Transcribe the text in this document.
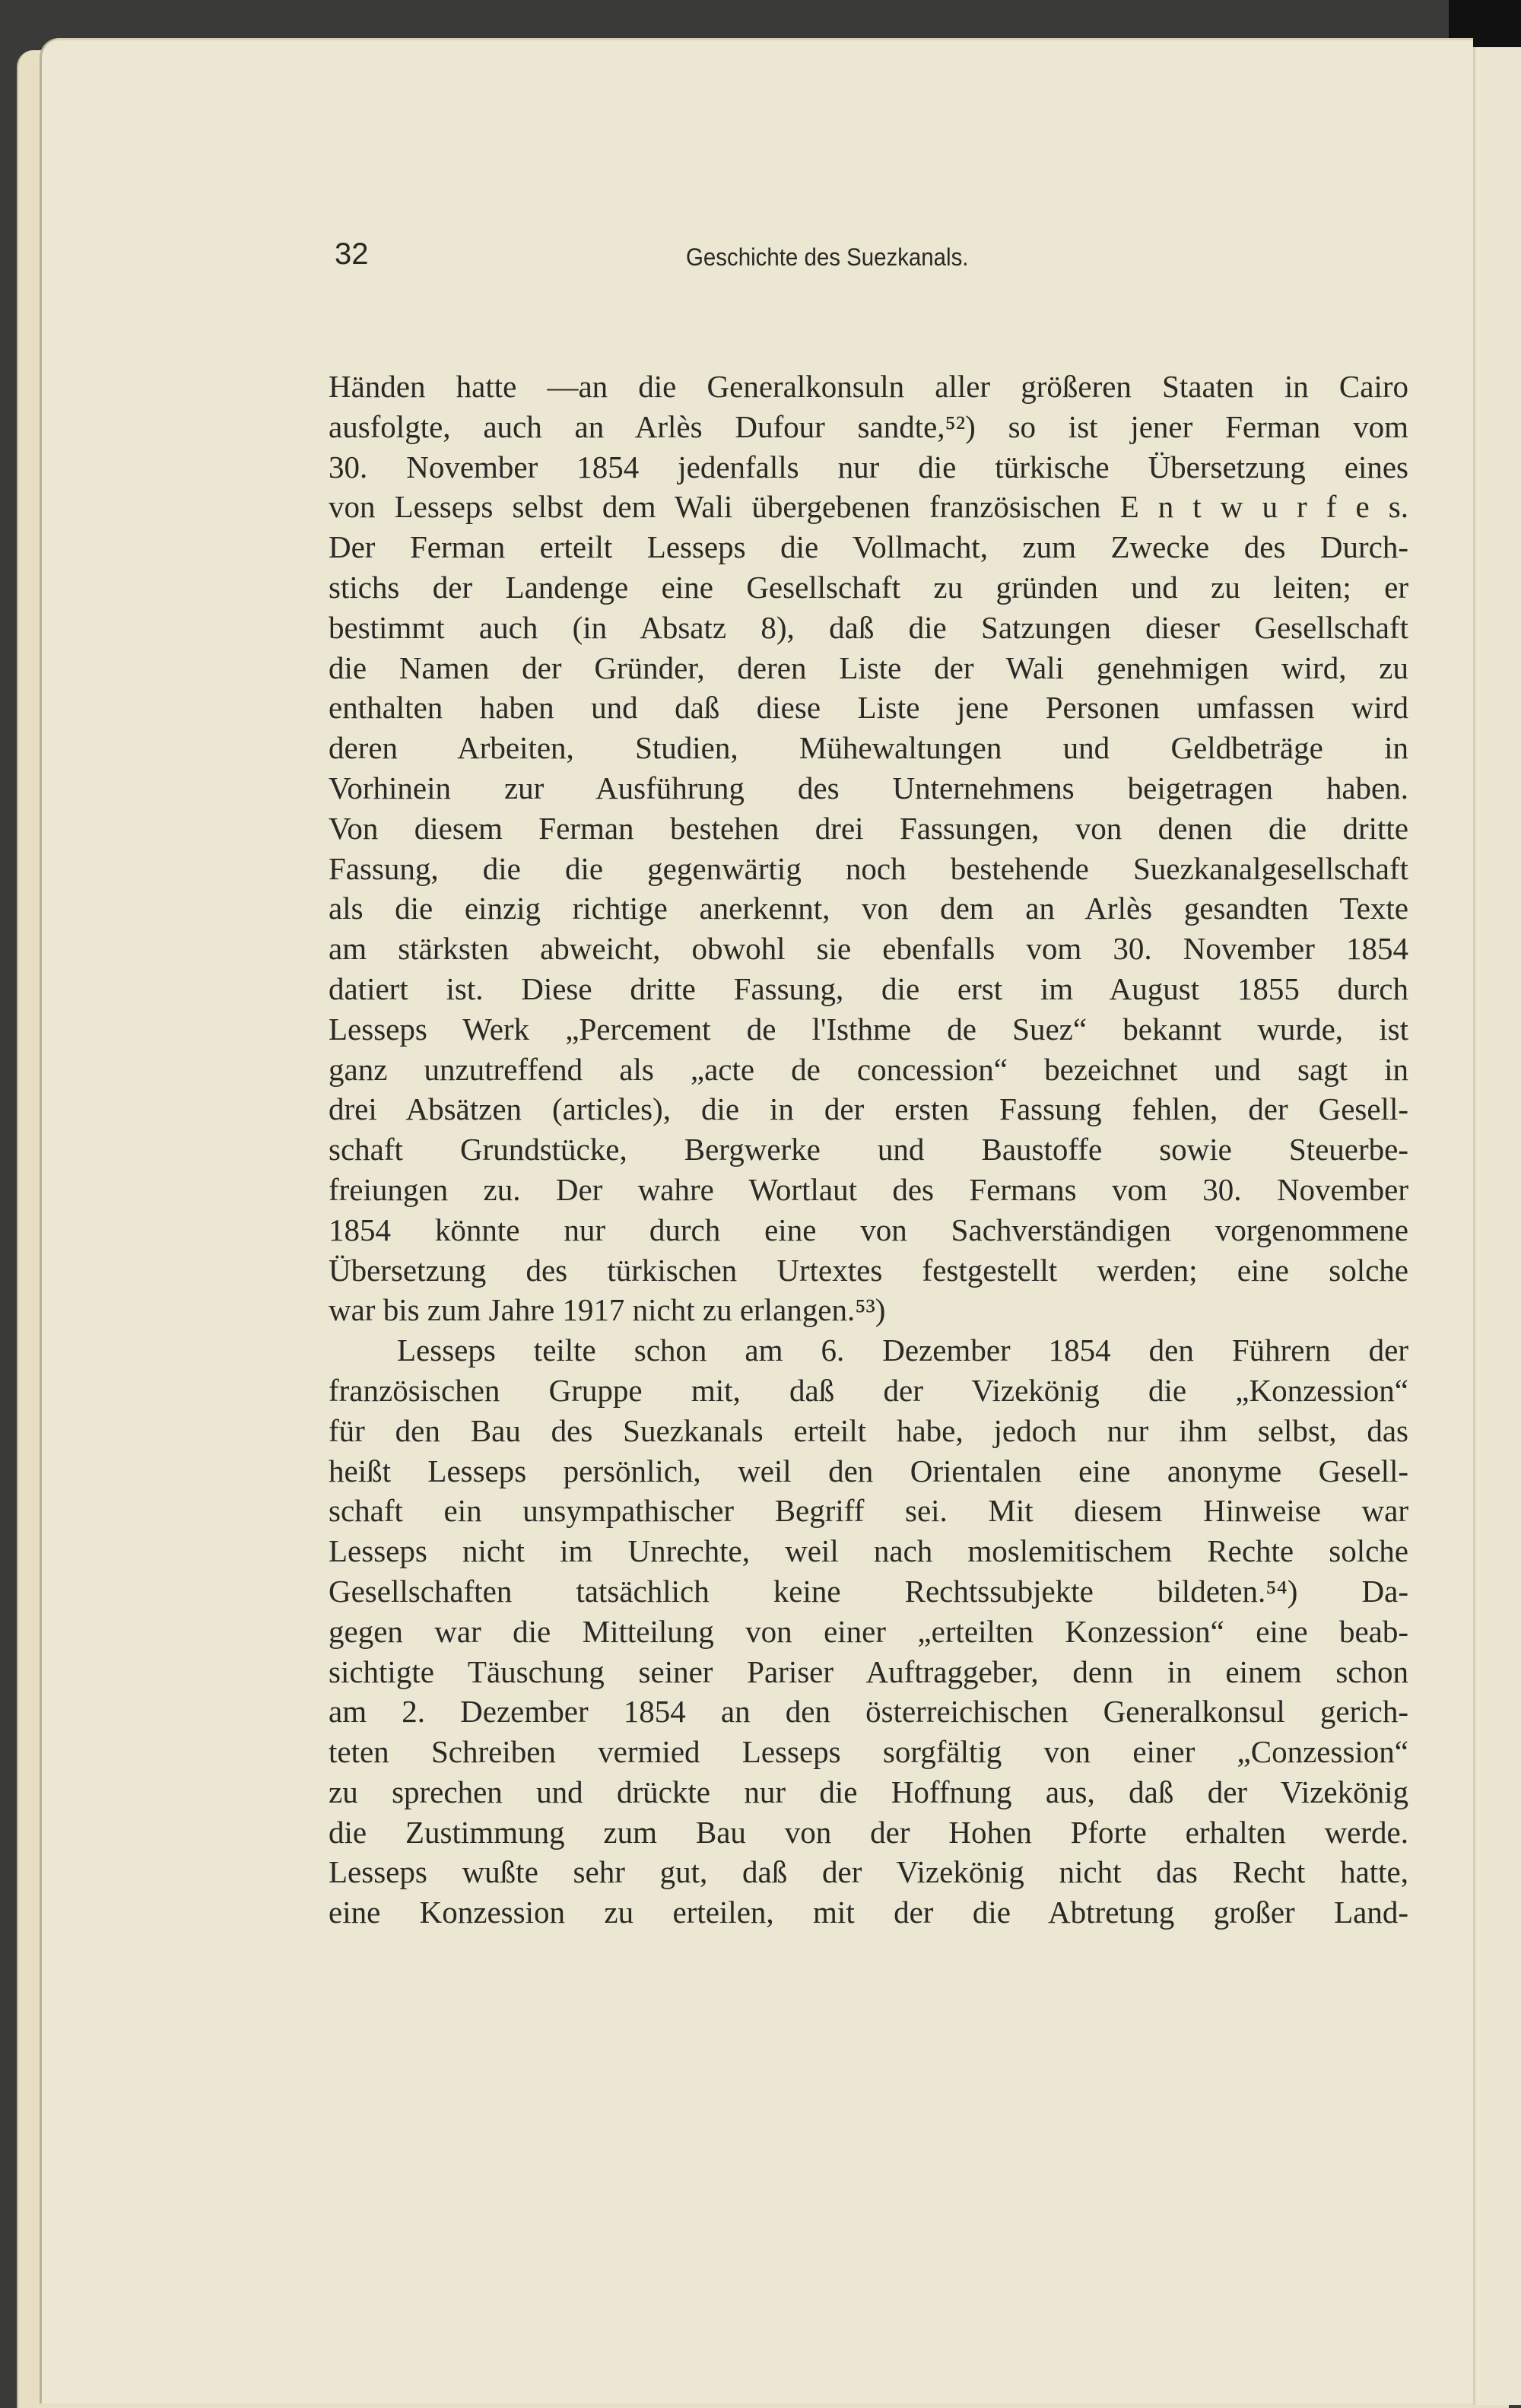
32	Geschichte des Suezkanals.
Händen hatte —an die Generalkonsuln aller größeren Staaten in Cairo
ausfolgte, auch an Arlès Dufour sandte,⁵²) so ist jener Ferman vom
30. November 1854 jedenfalls nur die türkische Übersetzung eines
von Lesseps selbst dem Wali übergebenen französischen E n t w u r f e s.
Der Ferman erteilt Lesseps die Vollmacht, zum Zwecke des Durch-
stichs der Landenge eine Gesellschaft zu gründen und zu leiten; er
bestimmt auch (in Absatz 8), daß die Satzungen dieser Gesellschaft
die Namen der Gründer, deren Liste der Wali genehmigen wird, zu
enthalten haben und daß diese Liste jene Personen umfassen wird
deren Arbeiten, Studien, Mühewaltungen und Geldbeträge in
Vorhinein zur Ausführung des Unternehmens beigetragen haben.
Von diesem Ferman bestehen drei Fassungen, von denen die dritte
Fassung, die die gegenwärtig noch bestehende Suezkanalgesellschaft
als die einzig richtige anerkennt, von dem an Arlès gesandten Texte
am stärksten abweicht, obwohl sie ebenfalls vom 30. November 1854
datiert ist. Diese dritte Fassung, die erst im August 1855 durch
Lesseps Werk „Percement de l'Isthme de Suez“ bekannt wurde, ist
ganz unzutreffend als „acte de concession“ bezeichnet und sagt in
drei Absätzen (articles), die in der ersten Fassung fehlen, der Gesell-
schaft Grundstücke, Bergwerke und Baustoffe sowie Steuerbe-
freiungen zu. Der wahre Wortlaut des Fermans vom 30. November
1854 könnte nur durch eine von Sachverständigen vorgenommene
Übersetzung des türkischen Urtextes festgestellt werden; eine solche
war bis zum Jahre 1917 nicht zu erlangen.⁵³)
Lesseps teilte schon am 6. Dezember 1854 den Führern der
französischen Gruppe mit, daß der Vizekönig die „Konzession“
für den Bau des Suezkanals erteilt habe, jedoch nur ihm selbst, das
heißt Lesseps persönlich, weil den Orientalen eine anonyme Gesell-
schaft ein unsympathischer Begriff sei. Mit diesem Hinweise war
Lesseps nicht im Unrechte, weil nach moslemitischem Rechte solche
Gesellschaften tatsächlich keine Rechtssubjekte bildeten.⁵⁴) Da-
gegen war die Mitteilung von einer „erteilten Konzession“ eine beab-
sichtigte Täuschung seiner Pariser Auftraggeber, denn in einem schon
am 2. Dezember 1854 an den österreichischen Generalkonsul gerich-
teten Schreiben vermied Lesseps sorgfältig von einer „Conzession“
zu sprechen und drückte nur die Hoffnung aus, daß der Vizekönig
die Zustimmung zum Bau von der Hohen Pforte erhalten werde.
Lesseps wußte sehr gut, daß der Vizekönig nicht das Recht hatte,
eine Konzession zu erteilen, mit der die Abtretung großer Land-
